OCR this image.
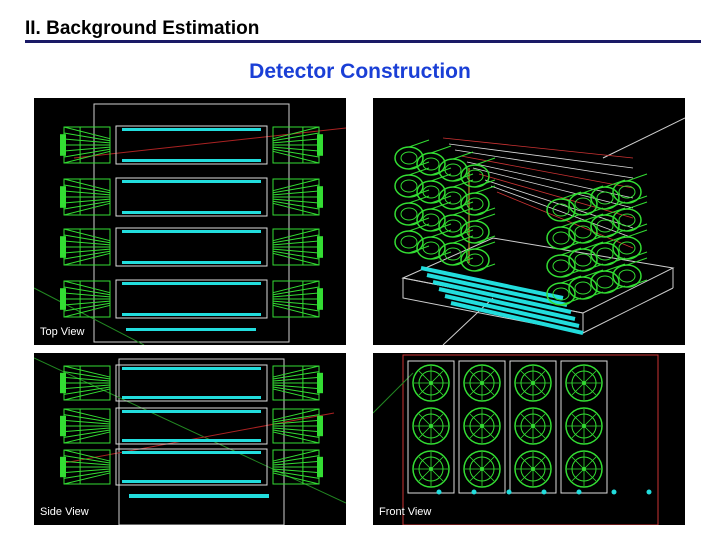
II. Background Estimation
Detector Construction
Top View
Side View	Front View
